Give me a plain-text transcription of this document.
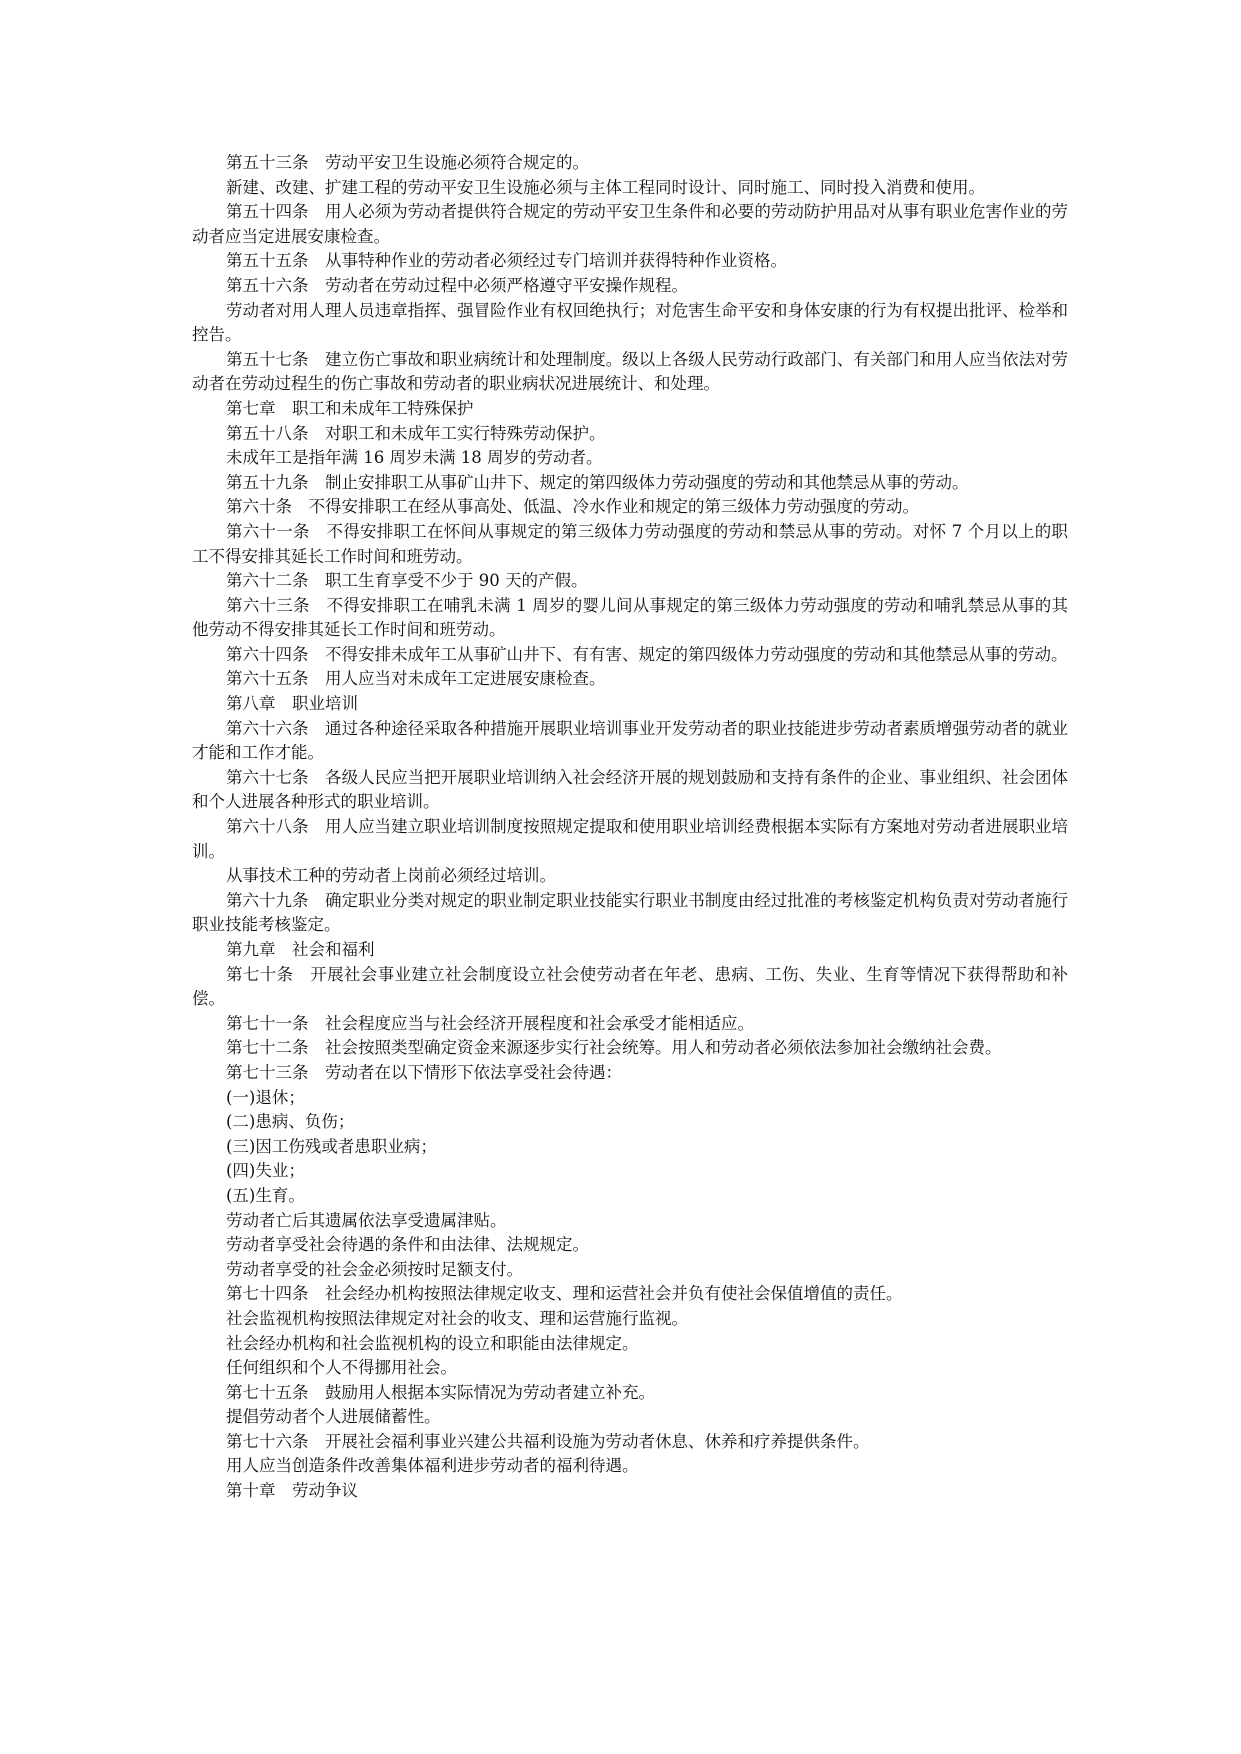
第五十三条　劳动平安卫生设施必须符合规定的。

新建、改建、扩建工程的劳动平安卫生设施必须与主体工程同时设计、同时施工、同时投入消费和使用。

第五十四条　用人必须为劳动者提供符合规定的劳动平安卫生条件和必要的劳动防护用品对从事有职业危害作业的劳动者应当定进展安康检查。

第五十五条　从事特种作业的劳动者必须经过专门培训并获得特种作业资格。

第五十六条　劳动者在劳动过程中必须严格遵守平安操作规程。

劳动者对用人理人员违章指挥、强冒险作业有权回绝执行；对危害生命平安和身体安康的行为有权提出批评、检举和控告。

第五十七条　建立伤亡事故和职业病统计和处理制度。级以上各级人民劳动行政部门、有关部门和用人应当依法对劳动者在劳动过程生的伤亡事故和劳动者的职业病状况进展统计、和处理。

第七章　职工和未成年工特殊保护

第五十八条　对职工和未成年工实行特殊劳动保护。

未成年工是指年满 16 周岁未满 18 周岁的劳动者。

第五十九条　制止安排职工从事矿山井下、规定的第四级体力劳动强度的劳动和其他禁忌从事的劳动。

第六十条　不得安排职工在经从事高处、低温、冷水作业和规定的第三级体力劳动强度的劳动。

第六十一条　不得安排职工在怀间从事规定的第三级体力劳动强度的劳动和禁忌从事的劳动。对怀 7 个月以上的职工不得安排其延长工作时间和班劳动。

第六十二条　职工生育享受不少于 90 天的产假。

第六十三条　不得安排职工在哺乳未满 1 周岁的婴儿间从事规定的第三级体力劳动强度的劳动和哺乳禁忌从事的其他劳动不得安排其延长工作时间和班劳动。

第六十四条　不得安排未成年工从事矿山井下、有有害、规定的第四级体力劳动强度的劳动和其他禁忌从事的劳动。

第六十五条　用人应当对未成年工定进展安康检查。

第八章　职业培训

第六十六条　通过各种途径采取各种措施开展职业培训事业开发劳动者的职业技能进步劳动者素质增强劳动者的就业才能和工作才能。

第六十七条　各级人民应当把开展职业培训纳入社会经济开展的规划鼓励和支持有条件的企业、事业组织、社会团体和个人进展各种形式的职业培训。

第六十八条　用人应当建立职业培训制度按照规定提取和使用职业培训经费根据本实际有方案地对劳动者进展职业培训。

从事技术工种的劳动者上岗前必须经过培训。

第六十九条　确定职业分类对规定的职业制定职业技能实行职业书制度由经过批准的考核鉴定机构负责对劳动者施行职业技能考核鉴定。

第九章　社会和福利

第七十条　开展社会事业建立社会制度设立社会使劳动者在年老、患病、工伤、失业、生育等情况下获得帮助和补偿。

第七十一条　社会程度应当与社会经济开展程度和社会承受才能相适应。

第七十二条　社会按照类型确定资金来源逐步实行社会统筹。用人和劳动者必须依法参加社会缴纳社会费。

第七十三条　劳动者在以下情形下依法享受社会待遇：

(一)退休；

(二)患病、负伤；

(三)因工伤残或者患职业病；

(四)失业；

(五)生育。

劳动者亡后其遗属依法享受遗属津贴。

劳动者享受社会待遇的条件和由法律、法规规定。

劳动者享受的社会金必须按时足额支付。

第七十四条　社会经办机构按照法律规定收支、理和运营社会并负有使社会保值增值的责任。

社会监视机构按照法律规定对社会的收支、理和运营施行监视。

社会经办机构和社会监视机构的设立和职能由法律规定。

任何组织和个人不得挪用社会。

第七十五条　鼓励用人根据本实际情况为劳动者建立补充。

提倡劳动者个人进展储蓄性。

第七十六条　开展社会福利事业兴建公共福利设施为劳动者休息、休养和疗养提供条件。

用人应当创造条件改善集体福利进步劳动者的福利待遇。

第十章　劳动争议
